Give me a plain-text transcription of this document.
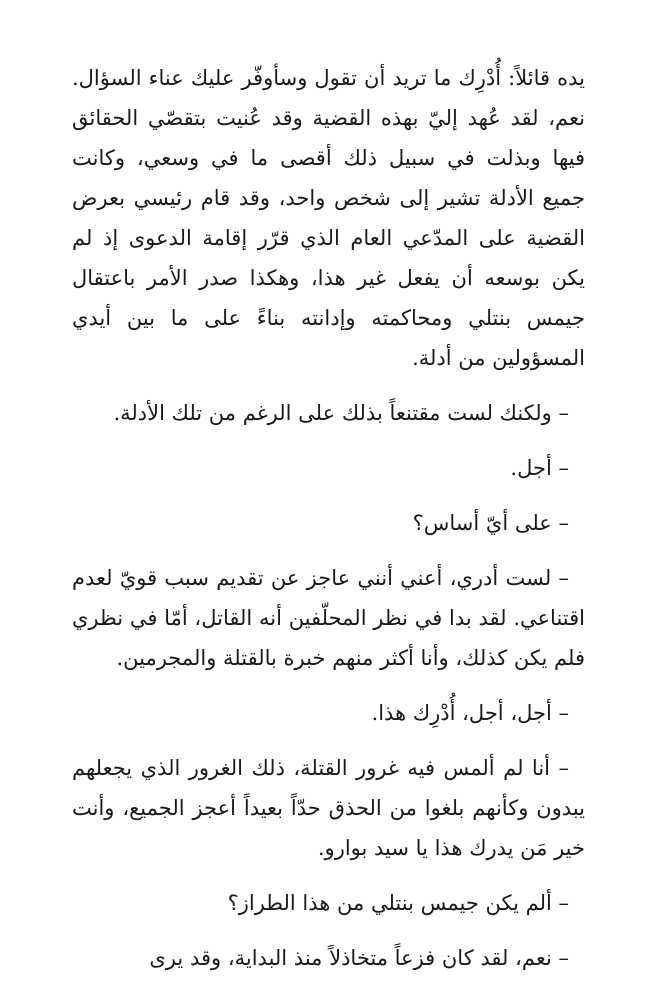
يده قائلاً: أُدْرِك ما تريد أن تقول وسأوفّر عليك عناء السؤال. نعم، لقد عُهد إليّ بهذه القضية وقد عُنيت بتقصّي الحقائق فيها وبذلت في سبيل ذلك أقصى ما في وسعي، وكانت جميع الأدلة تشير إلى شخص واحد، وقد قام رئيسي بعرض القضية على المدّعي العام الذي قرّر إقامة الدعوى إذ لم يكن بوسعه أن يفعل غير هذا، وهكذا صدر الأمر باعتقال جيمس بنتلي ومحاكمته وإدانته بناءً على ما بين أيدي المسؤولين من أدلة.

– ولكنك لست مقتنعاً بذلك على الرغم من تلك الأدلة.

– أجل.

– على أيّ أساس؟

– لست أدري، أعني أنني عاجز عن تقديم سبب قويّ لعدم اقتناعي. لقد بدا في نظر المحلّفين أنه القاتل، أمّا في نظري فلم يكن كذلك، وأنا أكثر منهم خبرة بالقتلة والمجرمين.

– أجل، أجل، أُدْرِك هذا.

– أنا لم ألمس فيه غرور القتلة، ذلك الغرور الذي يجعلهم يبدون وكأنهم بلغوا من الحذق حدّاً بعيداً أعجز الجميع، وأنت خير مَن يدرك هذا يا سيد بوارو.

– ألم يكن جيمس بنتلي من هذا الطراز؟

– نعم، لقد كان فزعاً متخاذلاً منذ البداية، وقد يرى
